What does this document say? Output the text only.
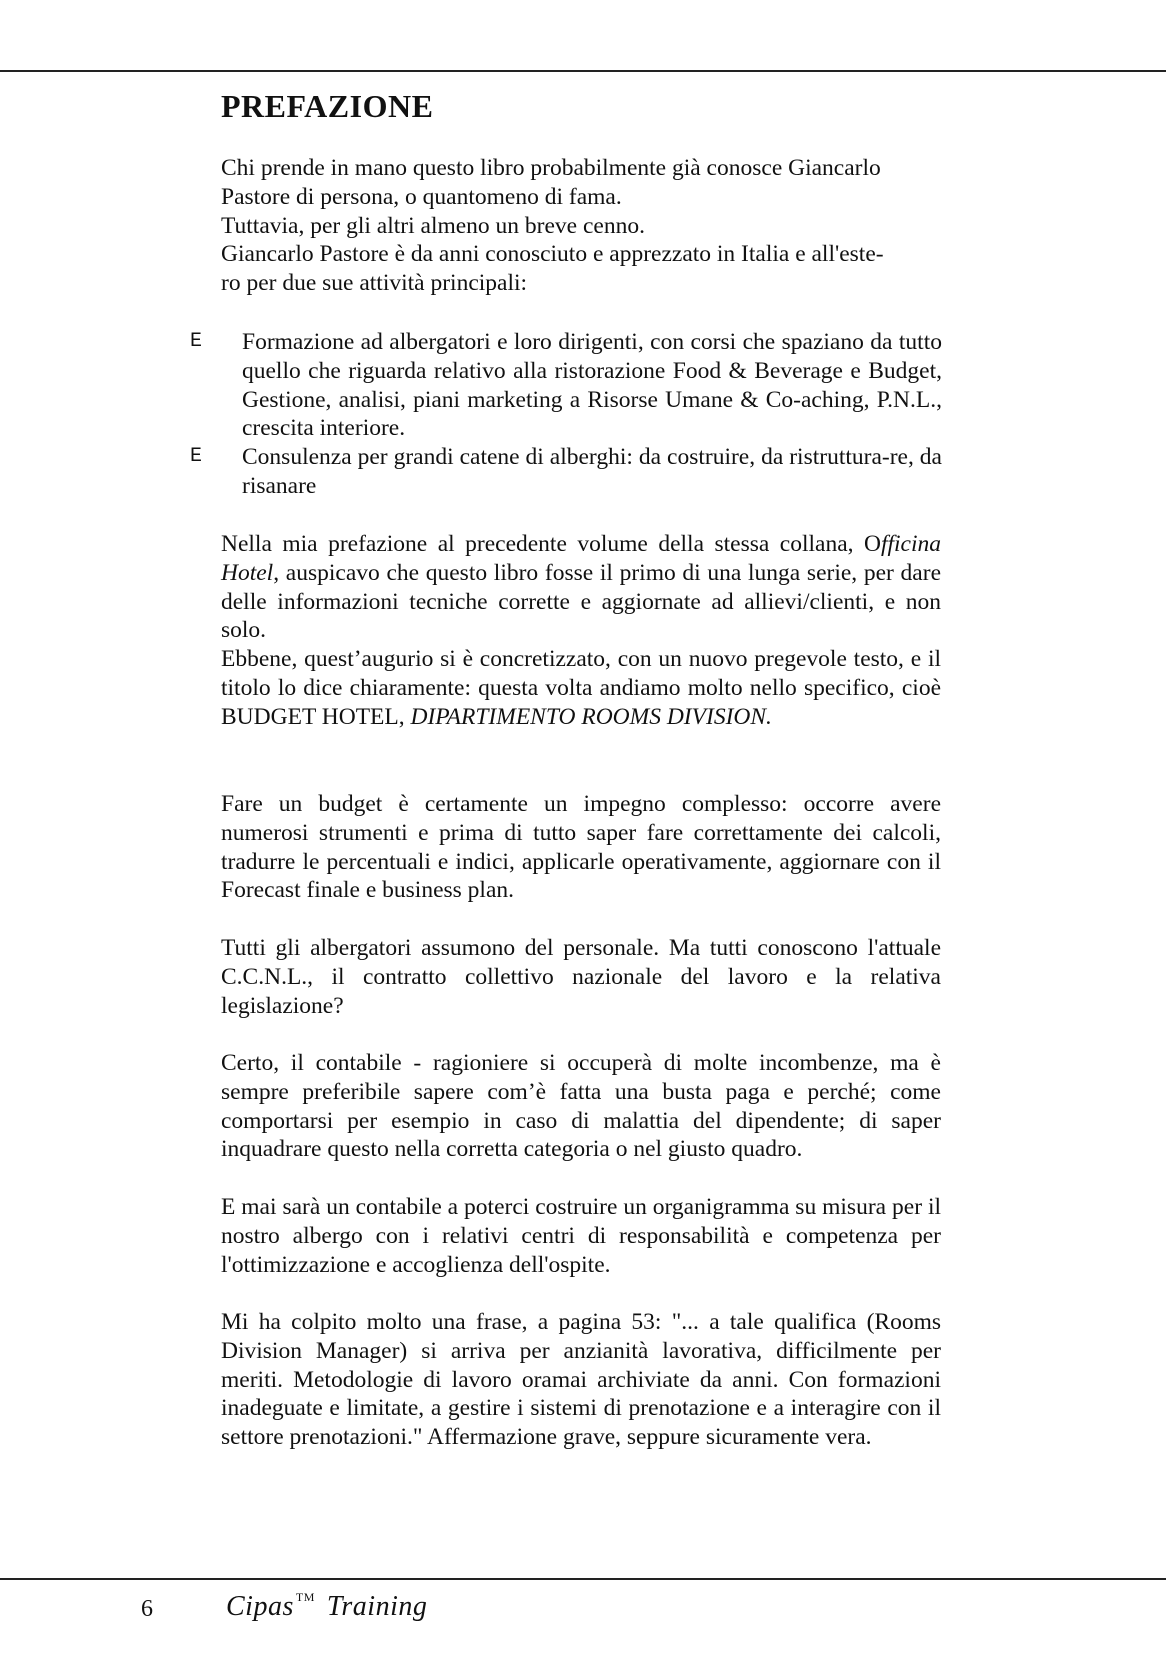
PREFAZIONE

Chi prende in mano questo libro probabilmente già conosce Giancarlo
Pastore di persona, o quantomeno di fama.
Tuttavia, per gli altri almeno un breve cenno.
Giancarlo Pastore è da anni conosciuto e apprezzato in Italia e all'este-
ro per due sue attività principali:

E Formazione ad albergatori e loro dirigenti, con corsi che spaziano da tutto quello che riguarda relativo alla ristorazione Food & Beverage e Budget, Gestione, analisi, piani marketing a Risorse Umane & Co-aching, P.N.L., crescita interiore.
E Consulenza per grandi catene di alberghi: da costruire, da ristruttura-re, da risanare

Nella mia prefazione al precedente volume della stessa collana, Officina Hotel, auspicavo che questo libro fosse il primo di una lunga serie, per dare delle informazioni tecniche corrette e aggiornate ad allievi/clienti, e non solo.
Ebbene, quest’augurio si è concretizzato, con un nuovo pregevole testo, e il titolo lo dice chiaramente: questa volta andiamo molto nello specifico, cioè BUDGET HOTEL, DIPARTIMENTO ROOMS DIVISION.

Fare un budget è certamente un impegno complesso: occorre avere numerosi strumenti e prima di tutto saper fare correttamente dei calcoli, tradurre le percentuali e indici, applicarle operativamente, aggiornare con il Forecast finale e business plan.

Tutti gli albergatori assumono del personale. Ma tutti conoscono l'attuale C.C.N.L., il contratto collettivo nazionale del lavoro e la relativa legislazione?

Certo, il contabile - ragioniere si occuperà di molte incombenze, ma è sempre preferibile sapere com’è fatta una busta paga e perché; come comportarsi per esempio in caso di malattia del dipendente; di saper inquadrare questo nella corretta categoria o nel giusto quadro.

E mai sarà un contabile a poterci costruire un organigramma su misura per il nostro albergo con i relativi centri di responsabilità e competenza per l'ottimizzazione e accoglienza dell'ospite.

Mi ha colpito molto una frase, a pagina 53: "... a tale qualifica (Rooms Division Manager) si arriva per anzianità lavorativa, difficilmente per meriti. Metodologie di lavoro oramai archiviate da anni. Con formazioni inadeguate e limitate, a gestire i sistemi di prenotazione e a interagire con il settore prenotazioni." Affermazione grave, seppure sicuramente vera.

6	Cipas ™ Training
